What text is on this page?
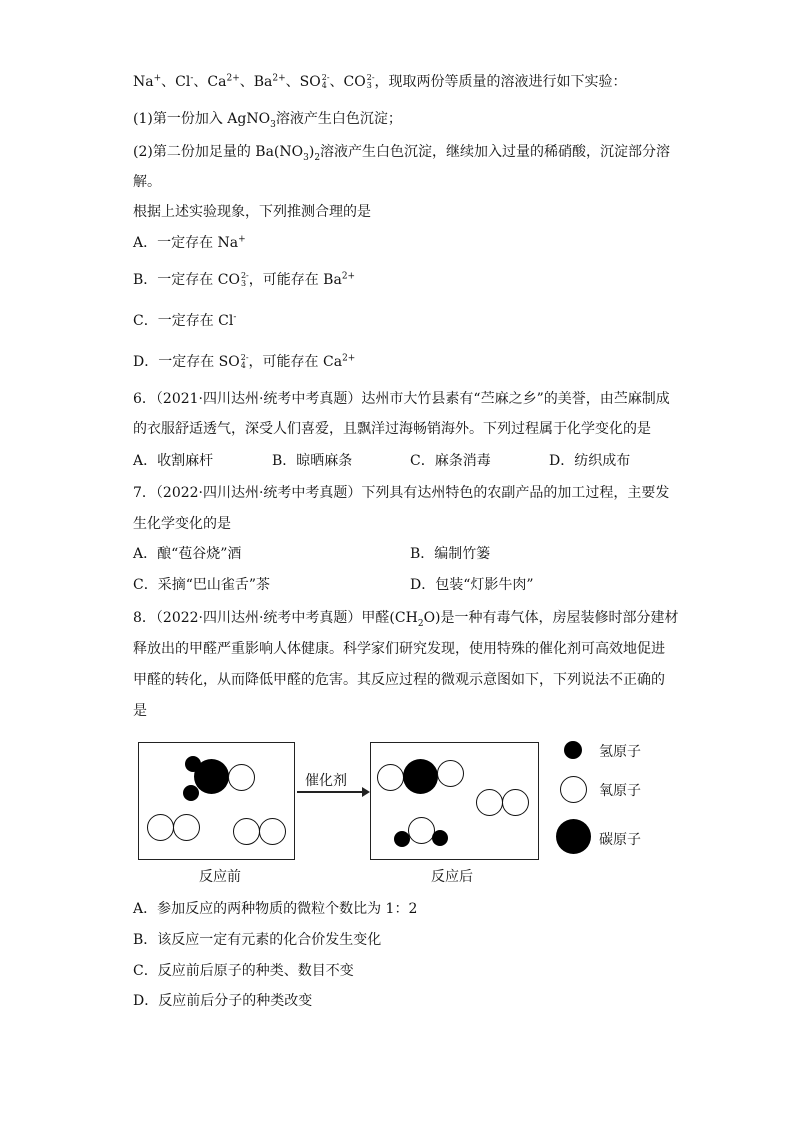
Na+、Cl-、$Ca^{2+}$、$Ba^{2+}$、SO2-
4 、CO2-
3 ，现取两份等质量的溶液进行如下实验：
(1)第一份加入 AgNO$_3$溶液产生白色沉淀；
(2)第二份加足量的 $Ba(NO_3)_2$溶液产生白色沉淀，继续加入过量的稀硝酸，沉淀部分溶
解。
根据上述实验现象，下列推测合理的是
A．一定存在 Na+
B．一定存在 CO2-
3 ，可能存在 $Ba^{2+}$
C．一定存在 Cl-
D．一定存在 SO2-
4 ，可能存在 $Ca^{2+}$
6．（2021·四川达州·统考中考真题）达州市大竹县素有“苎麻之乡”的美誉，由苎麻制成
的衣服舒适透气，深受人们喜爱，且飘洋过海畅销海外。下列过程属于化学变化的是
A．收割麻杆	B．晾晒麻条	C．麻条消毒	D．纺织成布
7．（2022·四川达州·统考中考真题）下列具有达州特色的农副产品的加工过程，主要发
生化学变化的是
A．酿“苞谷烧”酒	B．编制竹篓
C．采摘“巴山雀舌”茶	D．包装“灯影牛肉”
8．（2022·四川达州·统考中考真题）甲醛$(CH_2O)$是一种有毒气体，房屋装修时部分建材
释放出的甲醛严重影响人体健康。科学家们研究发现，使用特殊的催化剂可高效地促进
甲醛的转化，从而降低甲醛的危害。其反应过程的微观示意图如下，下列说法不正确的
是
催化剂
反应前	反应后
氢原子
氧原子
碳原子
A．参加反应的两种物质的微粒个数比为 1：2
B．该反应一定有元素的化合价发生变化
C．反应前后原子的种类、数目不变
D．反应前后分子的种类改变
